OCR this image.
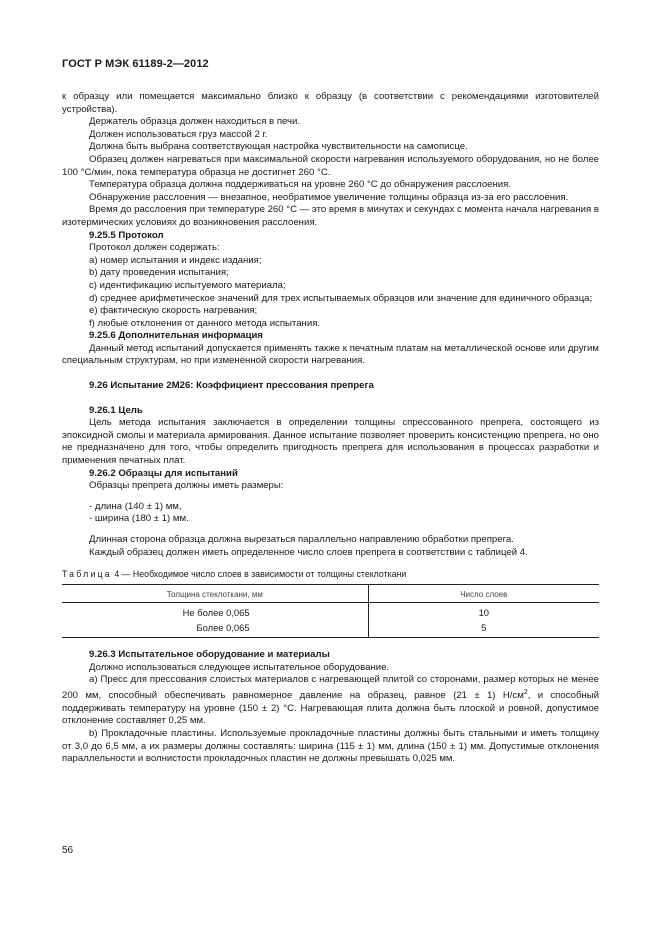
ГОСТ Р МЭК 61189-2—2012

к образцу или помещается максимально близко к образцу (в соответствии с рекомендациями изготовителей устройства).

Держатель образца должен находиться в печи.

Должен использоваться груз массой 2 г.

Должна быть выбрана соответствующая настройка чувствительности на самописце.

Образец должен нагреваться при максимальной скорости нагревания используемого оборудования, но не более 100 °С/мин, пока температура образца не достигнет 260 °С.

Температура образца должна поддерживаться на уровне 260 °С до обнаружения расслоения.

Обнаружение расслоения — внезапное, необратимое увеличение толщины образца из-за его расслоения.

Время до расслоения при температуре 260 °С — это время в минутах и секундах с момента начала нагревания в изотермических условиях до возникновения расслоения.

9.25.5 Протокол

Протокол должен содержать:

a) номер испытания и индекс издания;

b) дату проведения испытания;

c) идентификацию испытуемого материала;

d) среднее арифметическое значений для трех испытываемых образцов или значение для единичного образца;

e) фактическую скорость нагревания;

f) любые отклонения от данного метода испытания.

9.25.6 Дополнительная информация

Данный метод испытаний допускается применять также к печатным платам на металлической основе или другим специальным структурам, но при измененной скорости нагревания.

9.26 Испытание 2M26: Коэффициент прессования препрега

9.26.1 Цель

Цель метода испытания заключается в определении толщины спрессованного препрега, состоящего из эпоксидной смолы и материала армирования. Данное испытание позволяет проверить консистенцию препрега, но оно не предназначено для того, чтобы определить пригодность препрега для использования в процессах разработки и применения печатных плат.

9.26.2 Образцы для испытаний

Образцы препрега должны иметь размеры:

- длина (140 ± 1) мм,

- ширина (180 ± 1) мм.

Длинная сторона образца должна вырезаться параллельно направлению обработки препрега.

Каждый образец должен иметь определенное число слоев препрега в соответствии с таблицей 4.

Таблица 4 — Необходимое число слоев в зависимости от толщины стеклоткани
Толщина стеклоткани, мм	Число слоев
Не более 0,065	10
Более 0,065	5

9.26.3 Испытательное оборудование и материалы

Должно использоваться следующее испытательное оборудование.

a) Пресс для прессования слоистых материалов с нагревающей плитой со сторонами, размер которых не менее 200 мм, способный обеспечивать равномерное давление на образец, равное (21 ± 1) $Н/см^2$, и способный поддерживать температуру на уровне (150 ± 2) °С. Нагревающая плита должна быть плоской и ровной, допустимое отклонение составляет 0,25 мм.

b) Прокладочные пластины. Используемые прокладочные пластины должны быть стальными и иметь толщину от 3,0 до 6,5 мм, а их размеры должны составлять: ширина (115 ± 1) мм, длина (150 ± 1) мм. Допустимые отклонения параллельности и волнистости прокладочных пластин не должны превышать 0,025 мм.

56
